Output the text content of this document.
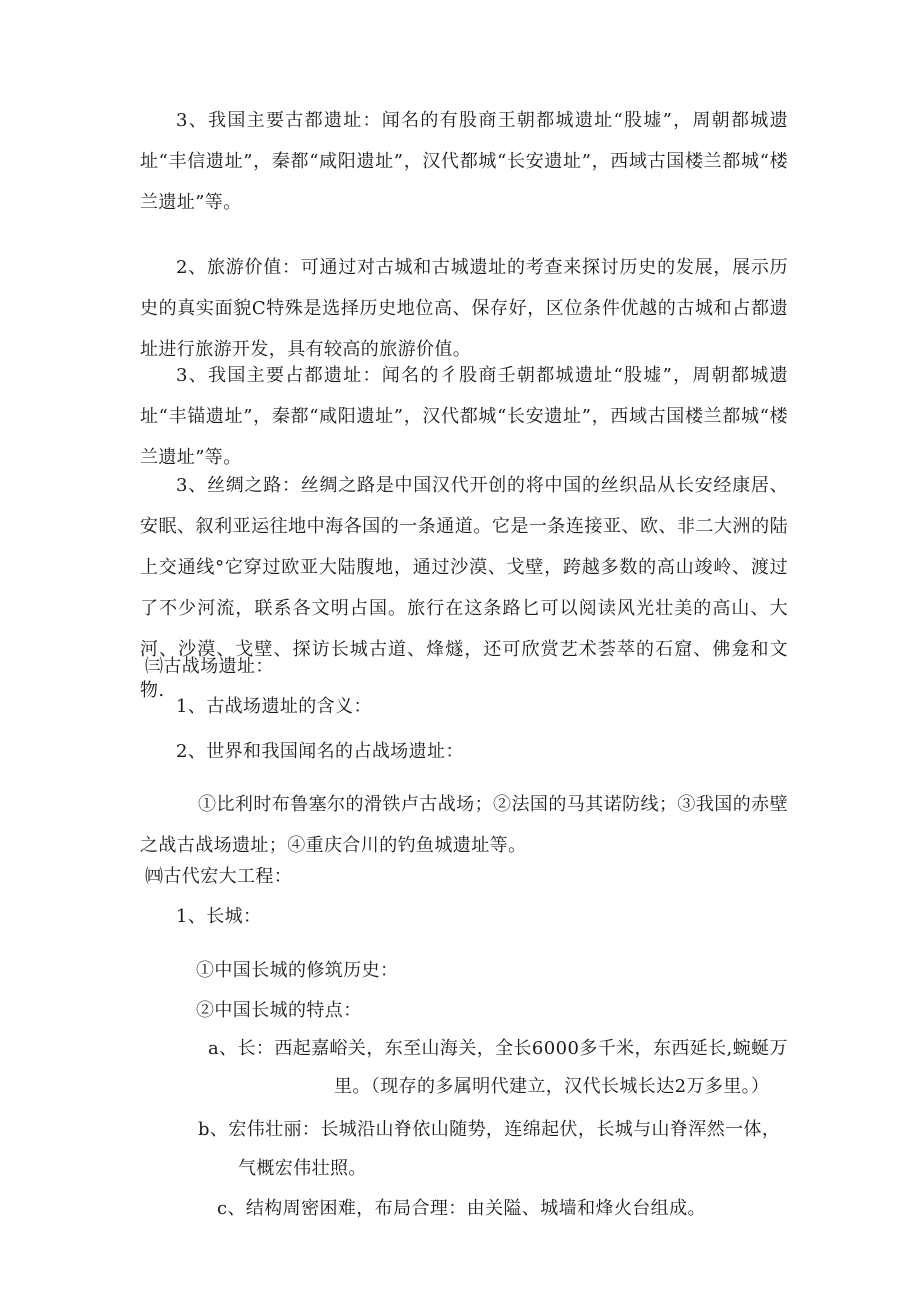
3、我国主要古都遗址：闻名的有股商王朝都城遗址“股墟”，周朝都城遗址“丰信遗址”，秦都“咸阳遗址”，汉代都城“长安遗址”，西域古国楼兰都城“楼兰遗址”等。

2、旅游价值：可通过对古城和古城遗址的考查来探讨历史的发展，展示历史的真实面貌C特殊是选择历史地位高、保存好，区位条件优越的古城和占都遗址进行旅游开发，具有较高的旅游价值。

3、我国主要占都遗址：闻名的彳股商壬朝都城遗址“股墟”，周朝都城遗址“丰锚遗址”，秦都“咸阳遗址”，汉代都城“长安遗址”，西域古国楼兰都城“楼兰遗址”等。

3、丝绸之路：丝绸之路是中国汉代开创的将中国的丝织品从长安经康居、安眠、叙利亚运往地中海各国的一条通道。它是一条连接亚、欧、非二大洲的陆上交通线°它穿过欧亚大陆腹地，通过沙漠、戈壁，跨越多数的高山竣岭、渡过了不少河流，联系各文明占国。旅行在这条路匕可以阅读风光壮美的高山、大河、沙漠、戈壁、探访长城古道、烽燧，还可欣赏艺术荟萃的石窟、佛龛和文物.

㈢古战场遗址：

1、古战场遗址的含义：

2、世界和我国闻名的占战场遗址：

①比利时布鲁塞尔的滑铁卢古战场；②法国的马其诺防线；③我国的赤壁之战古战场遗址；④重庆合川的钓鱼城遗址等。

㈣古代宏大工程：

1、长城：

①中国长城的修筑历史：

②中国长城的特点：

a、长：西起嘉峪关，东至山海关，全长6000多千米，东西延长,蜿蜒万

里。（现存的多属明代建立，汉代长城长达2万多里。）

b、宏伟壮丽：长城沿山脊依山随势，连绵起伏，长城与山脊浑然一体，

气概宏伟壮照。

c、结构周密困难，布局合理：由关隘、城墙和烽火台组成。
